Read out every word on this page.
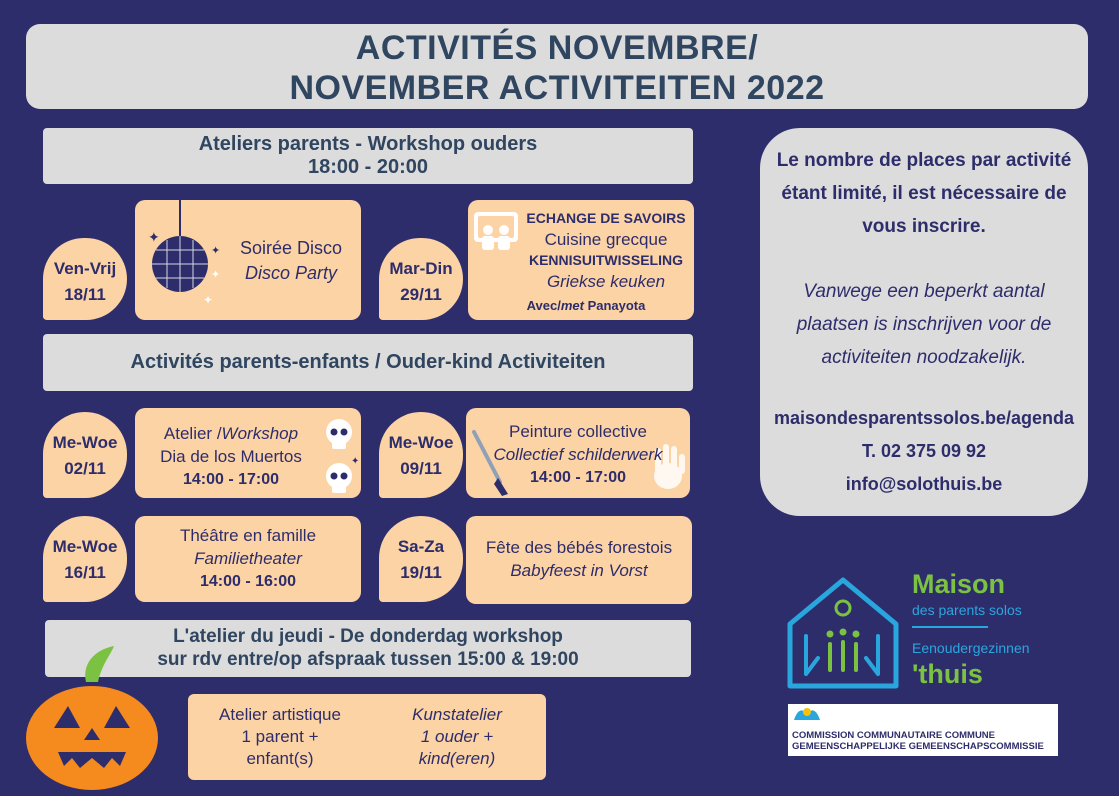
ACTIVITÉS NOVEMBRE/
NOVEMBER ACTIVITEITEN 2022
Ateliers parents - Workshop ouders
18:00 - 20:00
Ven-Vrij
18/11
✦
✦
✦
✦
Soirée Disco
Disco Party	Mar-Din
29/11
ECHANGE DE SAVOIRS
Cuisine grecque
KENNISUITWISSELING
Griekse keuken
Avec/met Panayota
Activités parents-enfants / Ouder-kind Activiteiten
Me-Woe
02/11
Atelier /Workshop
Dia de los Muertos
14:00 - 17:00
✦
Me-Woe
09/11
Peinture collective
Collectief schilderwerk
14:00 - 17:00
Me-Woe
16/11
Théâtre en famille
Familietheater
14:00 - 16:00
Sa-Za
19/11
Fête des bébés forestois
Babyfeest in Vorst
L'atelier du jeudi - De donderdag workshop
sur rdv entre/op afspraak tussen 15:00 & 19:00
Atelier artistique
1 parent +
enfant(s)
Kunstatelier
1 ouder +
kind(eren)
Le nombre de places par activité
étant limité, il est nécessaire de
vous inscrire.
Vanwege een beperkt aantal
plaatsen is inschrijven voor de
activiteiten noodzakelijk.
maisondesparentssolos.be/agenda
T. 02 375 09 92
info@solothuis.be
Maison
des parents solos
Eenoudergezinnen
'thuis
COMMISSION COMMUNAUTAIRE COMMUNE
GEMEENSCHAPPELIJKE GEMEENSCHAPSCOMMISSIE
